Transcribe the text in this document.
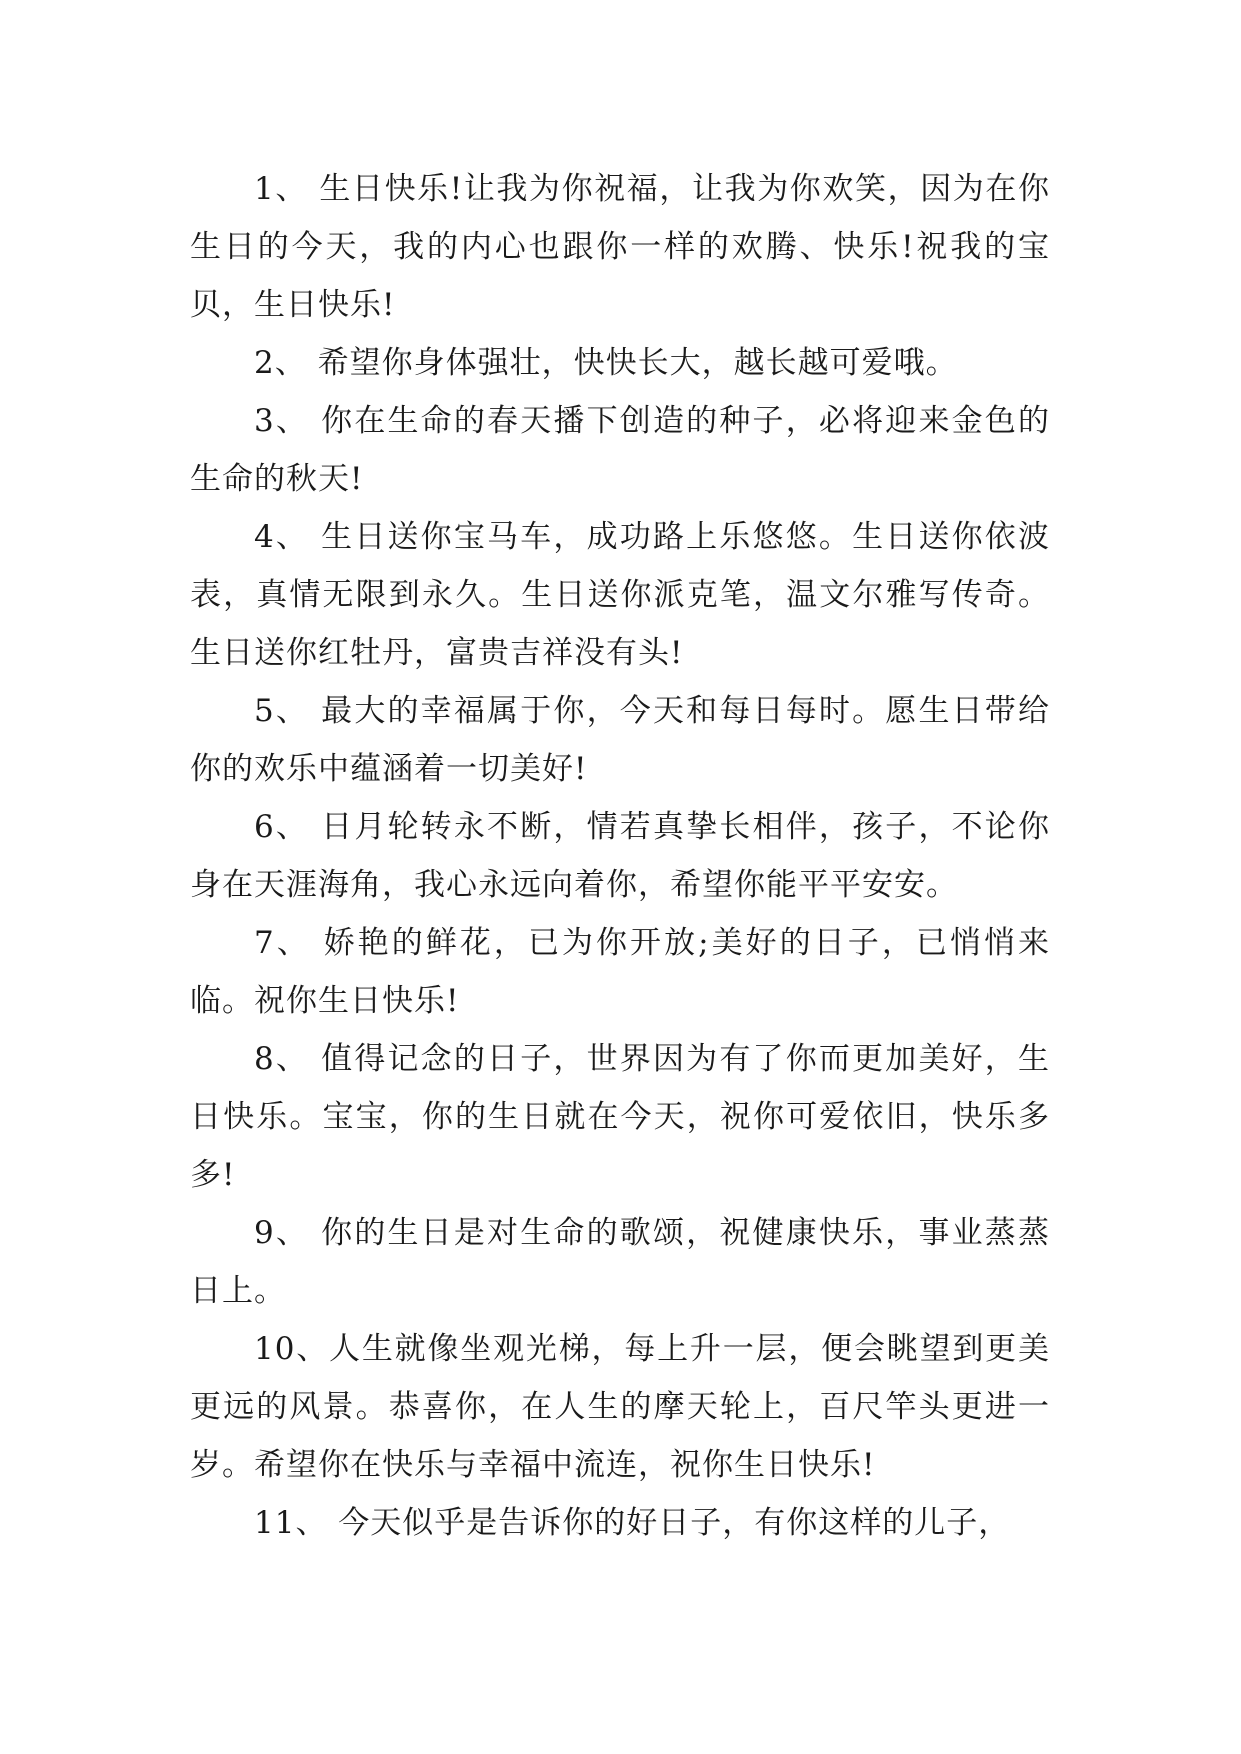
1、 生日快乐!让我为你祝福，让我为你欢笑，因为在你生日的今天，我的内心也跟你一样的欢腾、快乐!祝我的宝贝，生日快乐!

2、 希望你身体强壮，快快长大，越长越可爱哦。

3、 你在生命的春天播下创造的种子，必将迎来金色的生命的秋天!

4、 生日送你宝马车，成功路上乐悠悠。生日送你依波表，真情无限到永久。生日送你派克笔，温文尔雅写传奇。生日送你红牡丹，富贵吉祥没有头!

5、 最大的幸福属于你，今天和每日每时。愿生日带给你的欢乐中蕴涵着一切美好!

6、 日月轮转永不断，情若真挚长相伴，孩子，不论你身在天涯海角，我心永远向着你，希望你能平平安安。

7、 娇艳的鲜花，已为你开放;美好的日子，已悄悄来临。祝你生日快乐!

8、 值得记念的日子，世界因为有了你而更加美好，生日快乐。宝宝，你的生日就在今天，祝你可爱依旧，快乐多多!

9、 你的生日是对生命的歌颂，祝健康快乐，事业蒸蒸日上。

10、人生就像坐观光梯，每上升一层，便会眺望到更美更远的风景。恭喜你，在人生的摩天轮上，百尺竿头更进一岁。希望你在快乐与幸福中流连，祝你生日快乐!

11、 今天似乎是告诉你的好日子，有你这样的儿子，
